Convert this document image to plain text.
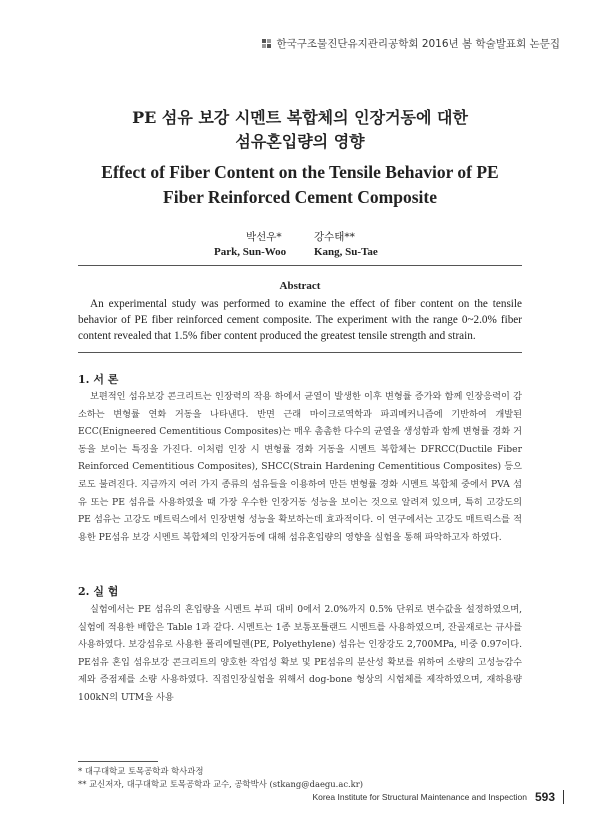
한국구조물진단유지관리공학회 2016년 봄 학술발표회 논문집
PE 섬유 보강 시멘트 복합체의 인장거동에 대한
섬유혼입량의 영향
Effect of Fiber Content on the Tensile Behavior of PE
Fiber Reinforced Cement Composite
박선우*	강수태**
Park, Sun-Woo	Kang, Su-Tae
Abstract
An experimental study was performed to examine the effect of fiber content on the tensile behavior of PE fiber reinforced cement composite. The experiment with the range 0~2.0% fiber content revealed that 1.5% fiber content produced the greatest tensile strength and strain.
1. 서 론
보편적인 섬유보강 콘크리트는 인장력의 작용 하에서 균열이 발생한 이후 변형률 증가와 함께 인장응력이 감소하는 변형률 연화 거동을 나타낸다. 반면 근래 마이크로역학과 파괴메커니즘에 기반하여 개발된 ECC(Enigneered Cementitious Composites)는 매우 촘촘한 다수의 균열을 생성함과 함께 변형률 경화 거동을 보이는 특징을 가진다. 이처럼 인장 시 변형률 경화 거동을 시멘트 복합체는 DFRCC(Ductile Fiber Reinforced Cementitious Composites), SHCC(Strain Hardening Cementitious Composites) 등으로도 불려진다. 지금까지 여러 가지 종류의 섬유들을 이용하여 만든 변형률 경화 시멘트 복합체 중에서 PVA 섬유 또는 PE 섬유를 사용하였을 때 가장 우수한 인장거동 성능을 보이는 것으로 알려져 있으며, 특히 고강도의 PE 섬유는 고강도 메트릭스에서 인장변형 성능을 확보하는데 효과적이다. 이 연구에서는 고강도 매트릭스를 적용한 PE섬유 보강 시멘트 복합체의 인장거동에 대해 섬유혼입량의 영향을 실험을 통해 파악하고자 하였다.
2. 실 험
실험에서는 PE 섬유의 혼입량을 시멘트 부피 대비 0에서 2.0%까지 0.5% 단위로 변수값을 설정하였으며, 실험에 적용한 배합은 Table 1과 같다. 시멘트는 1종 보통포틀랜드 시멘트를 사용하였으며, 잔골재로는 규사를 사용하였다. 보강섬유로 사용한 폴리에틸렌(PE, Polyethylene) 섬유는 인장강도 2,700MPa, 비중 0.97이다. PE섬유 혼입 섬유보강 콘크리트의 양호한 작업성 확보 및 PE섬유의 분산성 확보를 위하여 소량의 고성능감수제와 증점제를 소량 사용하였다. 직접인장실험을 위해서 dog-bone 형상의 시험체를 제작하였으며, 재하용량 100kN의 UTM을 사용
* 대구대학교 토목공학과 학사과정
** 교신저자, 대구대학교 토목공학과 교수, 공학박사 (stkang@daegu.ac.kr)
Korea Institute for Structural Maintenance and Inspection 593
